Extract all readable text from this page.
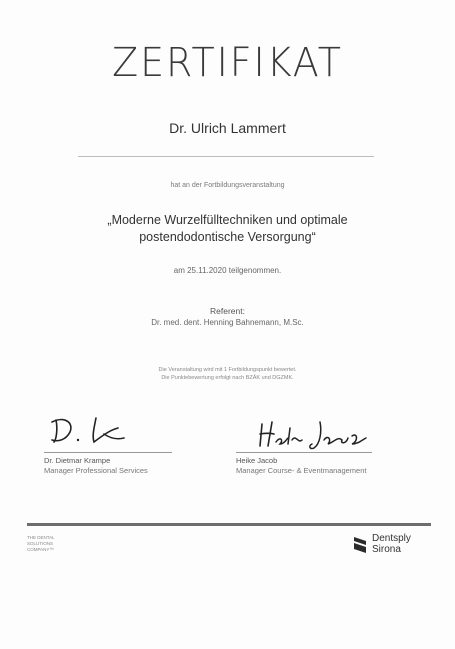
ZERTIFIKAT
Dr. Ulrich Lammert
hat an der Fortbildungsveranstaltung
„Moderne Wurzelfülltechniken und optimale
postendodontische Versorgung“
am 25.11.2020 teilgenommen.
Referent:
Dr. med. dent. Henning Bahnemann, M.Sc.
Die Veranstaltung wird mit 1 Fortbildungspunkt bewertet.
Die Punktebewertung erfolgt nach BZÄK und DGZMK.
Dr. Dietmar Krampe
Manager Professional Services
Heike Jacob
Manager Course- & Eventmanagement
THE DENTAL
SOLUTIONS
COMPANY™
Dentsply
Sirona
